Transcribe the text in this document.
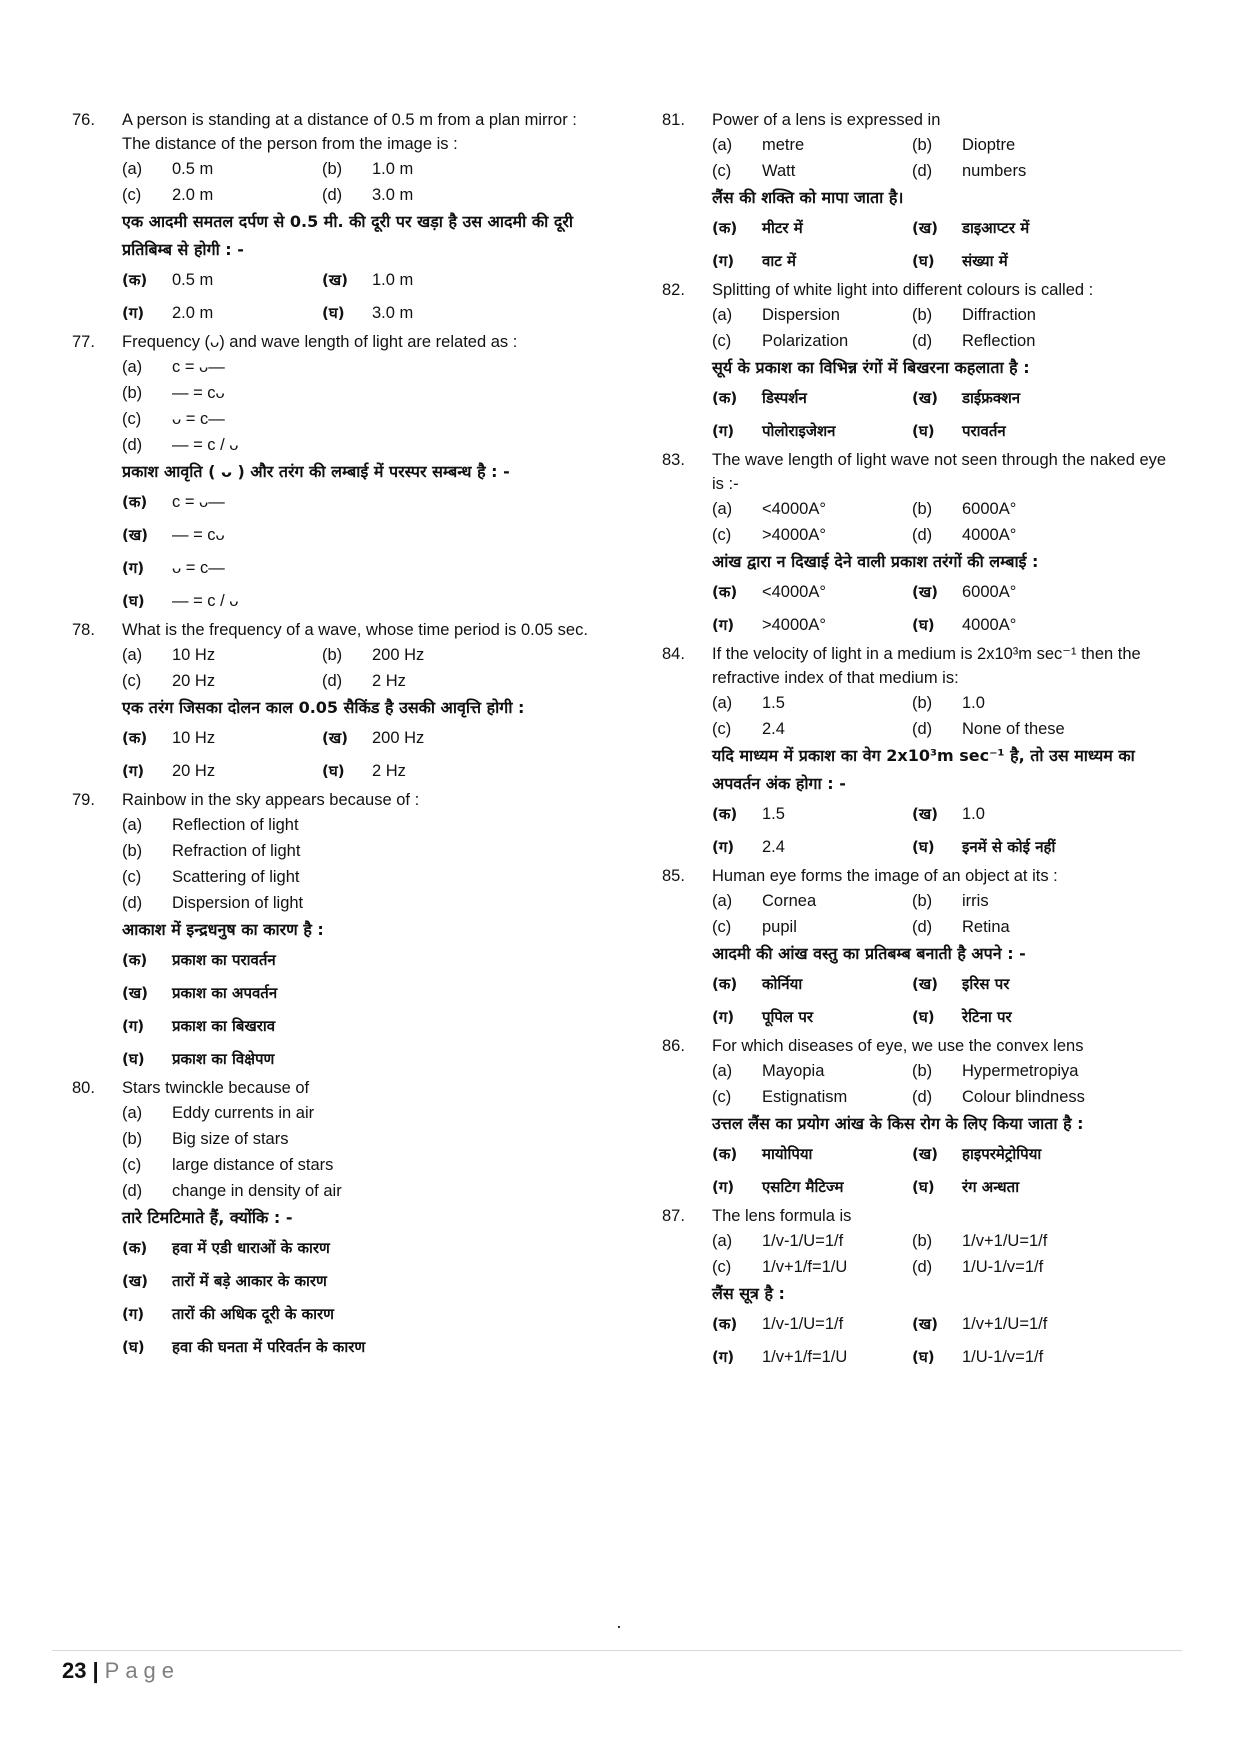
76.	A person is standing at a distance of 0.5 m from a plan mirror :
The distance of the person from the image is :
(a)	0.5 m	(b)	1.0 m
(c)	2.0 m	(d)	3.0 m
एक आदमी समतल दर्पण से 0.5 मी. की दूरी पर खड़ा है उस आदमी की दूरी प्रतिबिम्ब से होगी : -
(क)	0.5 m	(ख)	1.0 m
(ग)	2.0 m	(घ)	3.0 m
77.	Frequency (ᴗ) and wave length of light are related as :
(a)	c = ᴗ—
(b)	— = cᴗ
(c)	ᴗ = c—
(d)	— = c / ᴗ
प्रकाश आवृति ( ᴗ ) और तरंग की लम्बाई में परस्पर सम्बन्ध है : -
(क)	c = ᴗ—
(ख)	— = cᴗ
(ग)	ᴗ = c—
(घ)	— = c / ᴗ
78.	What is the frequency of a wave, whose time period is 0.05 sec.
(a)	10 Hz	(b)	200 Hz
(c)	20 Hz	(d)	2 Hz
एक तरंग जिसका दोलन काल 0.05 सैकिंड है उसकी आवृत्ति होगी :
(क)	10 Hz	(ख)	200 Hz
(ग)	20 Hz	(घ)	2 Hz
79.	Rainbow in the sky appears because of :
(a)	Reflection of light
(b)	Refraction of light
(c)	Scattering of light
(d)	Dispersion of light
आकाश में इन्द्रधनुष का कारण है :
(क)	प्रकाश का परावर्तन
(ख)	प्रकाश का अपवर्तन
(ग)	प्रकाश का बिखराव
(घ)	प्रकाश का विक्षेपण
80.	Stars twinckle because of
(a)	Eddy currents in air
(b)	Big size of stars
(c)	large distance of stars
(d)	change in density of air
तारे टिमटिमाते हैं, क्योंकि : -
(क)	हवा में एडी धाराओं के कारण
(ख)	तारों में बड़े आकार के कारण
(ग)	तारों की अधिक दूरी के कारण
(घ)	हवा की घनता में परिवर्तन के कारण
81.	Power of a lens is expressed in
(a)	metre	(b)	Dioptre
(c)	Watt	(d)	numbers
लैंस की शक्ति को मापा जाता है।
(क)	मीटर में	(ख)	डाइआप्टर में
(ग)	वाट में	(घ)	संख्या में
82.	Splitting of white light into different colours is called :
(a)	Dispersion	(b)	Diffraction
(c)	Polarization	(d)	Reflection
सूर्य के प्रकाश का विभिन्न रंगों में बिखरना कहलाता है :
(क)	डिस्पर्शन	(ख)	डाईफ्रक्शन
(ग)	पोलोराइजेशन	(घ)	परावर्तन
83.	The wave length of light wave not seen through the naked eye is :-
(a)	<4000A°	(b)	6000A°
(c)	>4000A°	(d)	4000A°
आंख द्वारा न दिखाई देने वाली प्रकाश तरंगों की लम्बाई :
(क)	<4000A°	(ख)	6000A°
(ग)	>4000A°	(घ)	4000A°
84.	If the velocity of light in a medium is 2x10³m sec⁻¹ then the refractive index of that medium is:
(a)	1.5	(b)	1.0
(c)	2.4	(d)	None of these
यदि माध्यम में प्रकाश का वेग 2x10³m sec⁻¹ है, तो उस माध्यम का अपवर्तन अंक होगा : -
(क)	1.5	(ख)	1.0
(ग)	2.4	(घ)	इनमें से कोई नहीं
85.	Human eye forms the image of an object at its :
(a)	Cornea	(b)	irris
(c)	pupil	(d)	Retina
आदमी की आंख वस्तु का प्रतिबम्ब बनाती है अपने : -
(क)	कोर्निया	(ख)	इरिस पर
(ग)	पूपिल पर	(घ)	रेटिना पर
86.	For which diseases of eye, we use the convex lens
(a)	Mayopia	(b)	Hypermetropiya
(c)	Estignatism	(d)	Colour blindness
उत्तल लैंस का प्रयोग आंख के किस रोग के लिए किया जाता है :
(क)	मायोपिया	(ख)	हाइपरमेट्रोपिया
(ग)	एसटिग मैटिज्म	(घ)	रंग अन्धता
87.	The lens formula is
(a)	1/v-1/U=1/f	(b)	1/v+1/U=1/f
(c)	1/v+1/f=1/U	(d)	1/U-1/v=1/f
लैंस सूत्र है :
(क)	1/v-1/U=1/f	(ख)	1/v+1/U=1/f
(ग)	1/v+1/f=1/U	(घ)	1/U-1/v=1/f
23 | Page
